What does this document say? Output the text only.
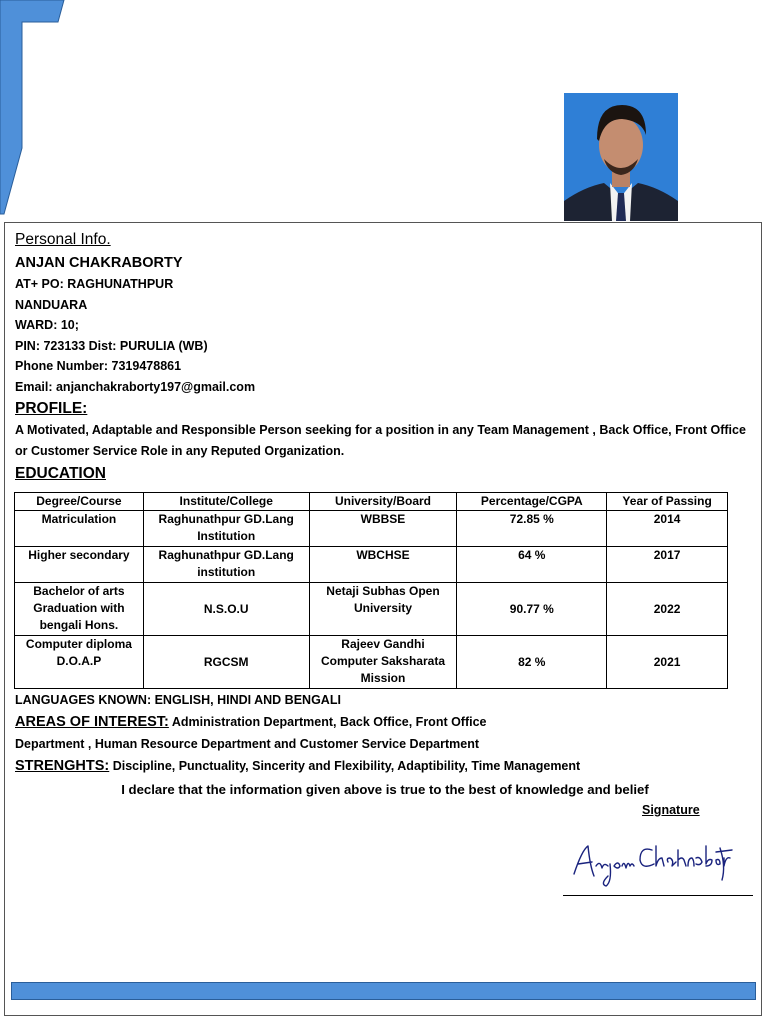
Personal Info.
ANJAN CHAKRABORTY
AT+ PO: RAGHUNATHPUR
NANDUARA
WARD: 10;
PIN: 723133 Dist: PURULIA (WB)
Phone Number: 7319478861
Email: anjanchakraborty197@gmail.com
PROFILE:
A Motivated, Adaptable and Responsible Person seeking for a position in any Team Management , Back Office, Front Office or Customer Service Role in any Reputed Organization.
EDUCATION
Degree/Course	Institute/College	University/Board	Percentage/CGPA	Year of Passing
Matriculation	Raghunathpur GD.Lang Institution	WBBSE	72.85 %	2014
Higher secondary	Raghunathpur GD.Lang institution	WBCHSE	64 %	2017
Bachelor of arts Graduation with bengali Hons.	N.S.O.U	Netaji Subhas Open University	90.77 %	2022
Computer diploma D.O.A.P	RGCSM	Rajeev Gandhi Computer Saksharata Mission	82 %	2021
LANGUAGES KNOWN: ENGLISH, HINDI AND BENGALI
AREAS OF INTEREST: Administration Department, Back Office, Front Office
Department , Human Resource Department and Customer Service Department
STRENGHTS: Discipline, Punctuality, Sincerity and Flexibility, Adaptibility, Time Management
I declare that the information given above is true to the best of knowledge and belief
Signature
